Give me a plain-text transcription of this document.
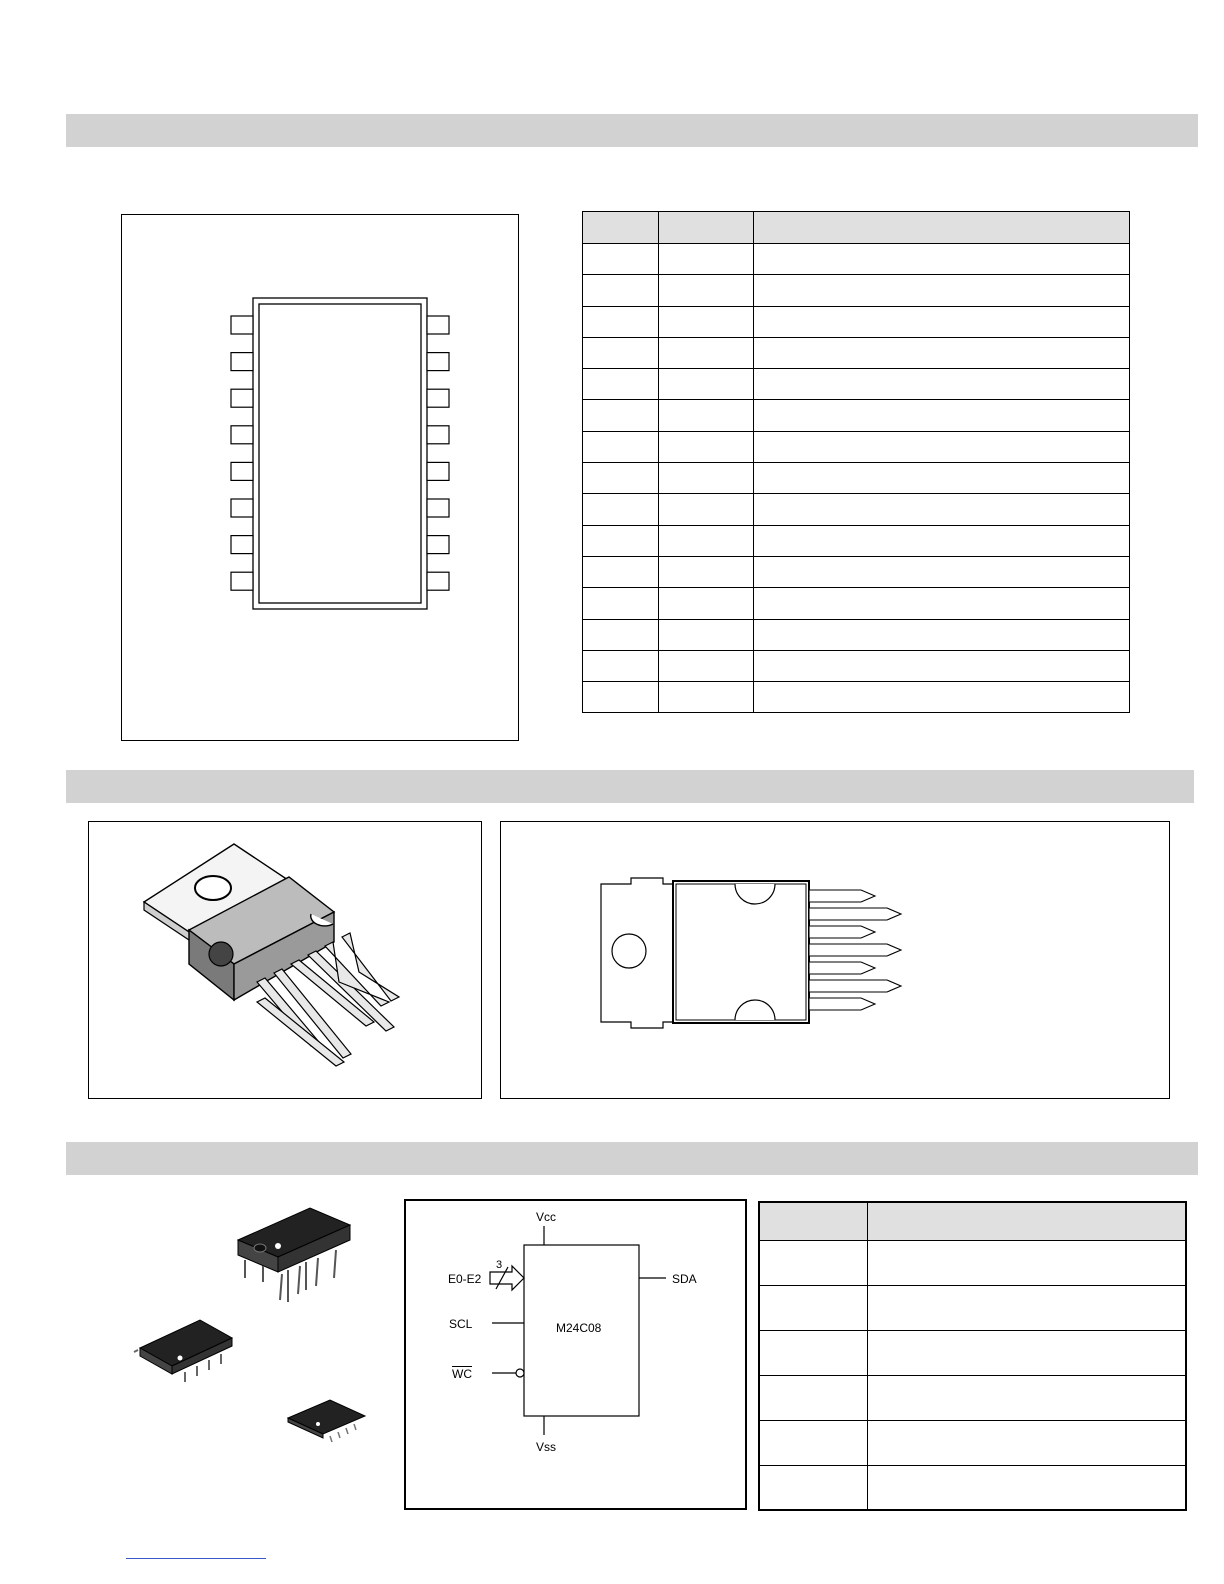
Vcc
Vss
E0-E2
3
SCL
$\overline{WC}$
SDA
M24C08
